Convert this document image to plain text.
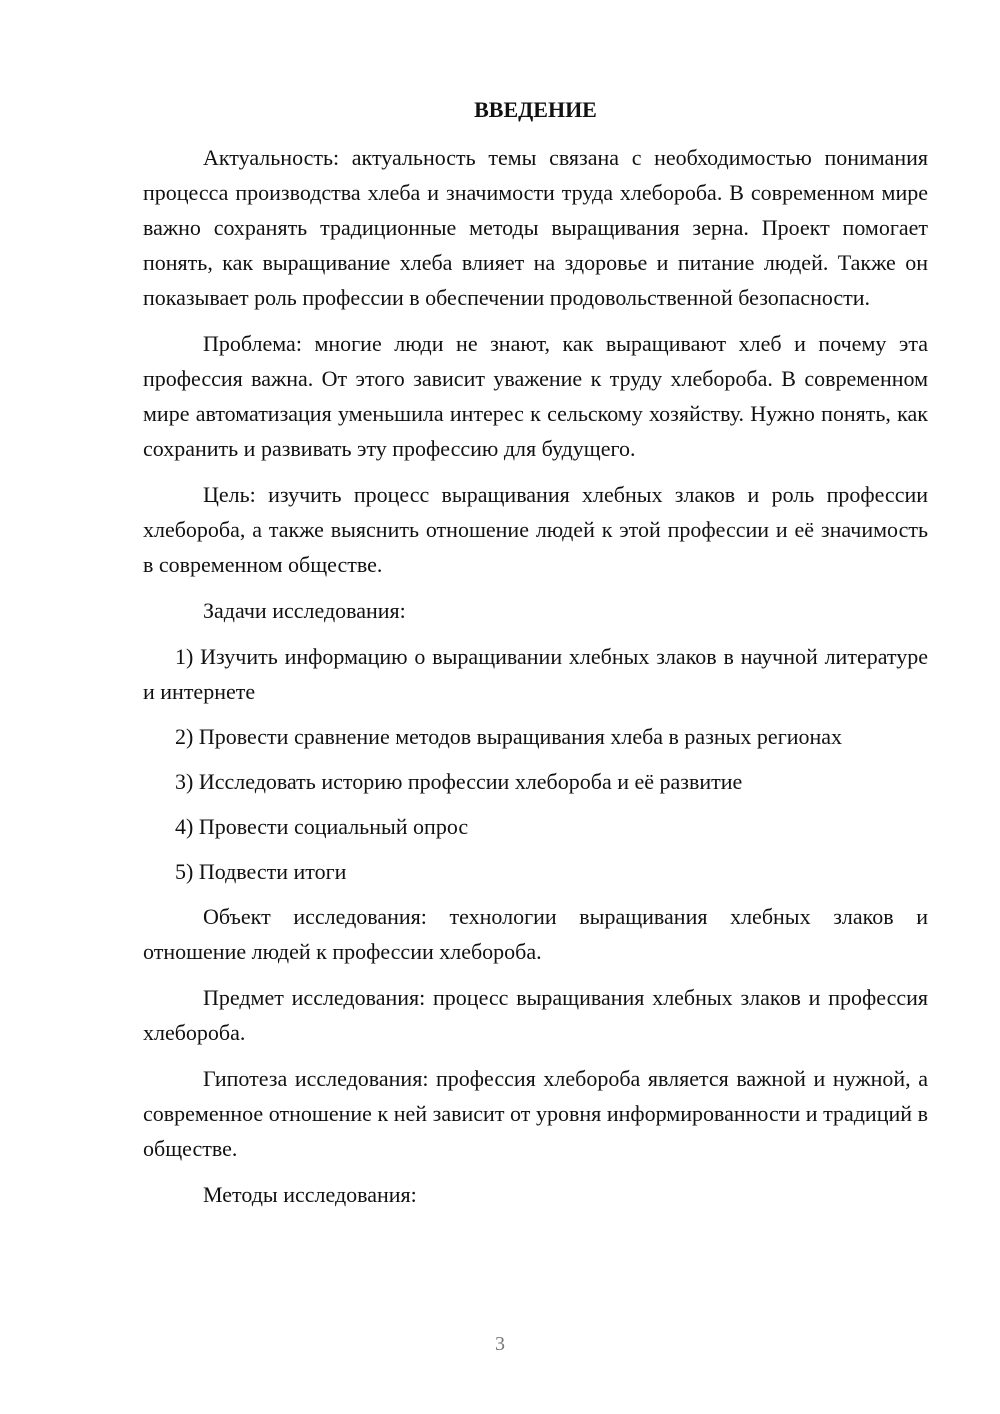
ВВЕДЕНИЕ

Актуальность: актуальность темы связана с необходимостью понимания процесса производства хлеба и значимости труда хлебороба. В современном мире важно сохранять традиционные методы выращивания зерна. Проект помогает понять, как выращивание хлеба влияет на здоровье и питание людей. Также он показывает роль профессии в обеспечении продовольственной безопасности.

Проблема: многие люди не знают, как выращивают хлеб и почему эта профессия важна. От этого зависит уважение к труду хлебороба. В современном мире автоматизация уменьшила интерес к сельскому хозяйству. Нужно понять, как сохранить и развивать эту профессию для будущего.

Цель: изучить процесс выращивания хлебных злаков и роль профессии хлебороба, а также выяснить отношение людей к этой профессии и её значимость в современном обществе.

Задачи исследования:

1) Изучить информацию о выращивании хлебных злаков в научной литературе и интернете

2) Провести сравнение методов выращивания хлеба в разных регионах

3) Исследовать историю профессии хлебороба и её развитие

4) Провести социальный опрос

5) Подвести итоги

Объект исследования: технологии выращивания хлебных злаков и отношение людей к профессии хлебороба.

Предмет исследования: процесс выращивания хлебных злаков и профессия хлебороба.

Гипотеза исследования: профессия хлебороба является важной и нужной, а современное отношение к ней зависит от уровня информированности и традиций в обществе.

Методы исследования:

3
